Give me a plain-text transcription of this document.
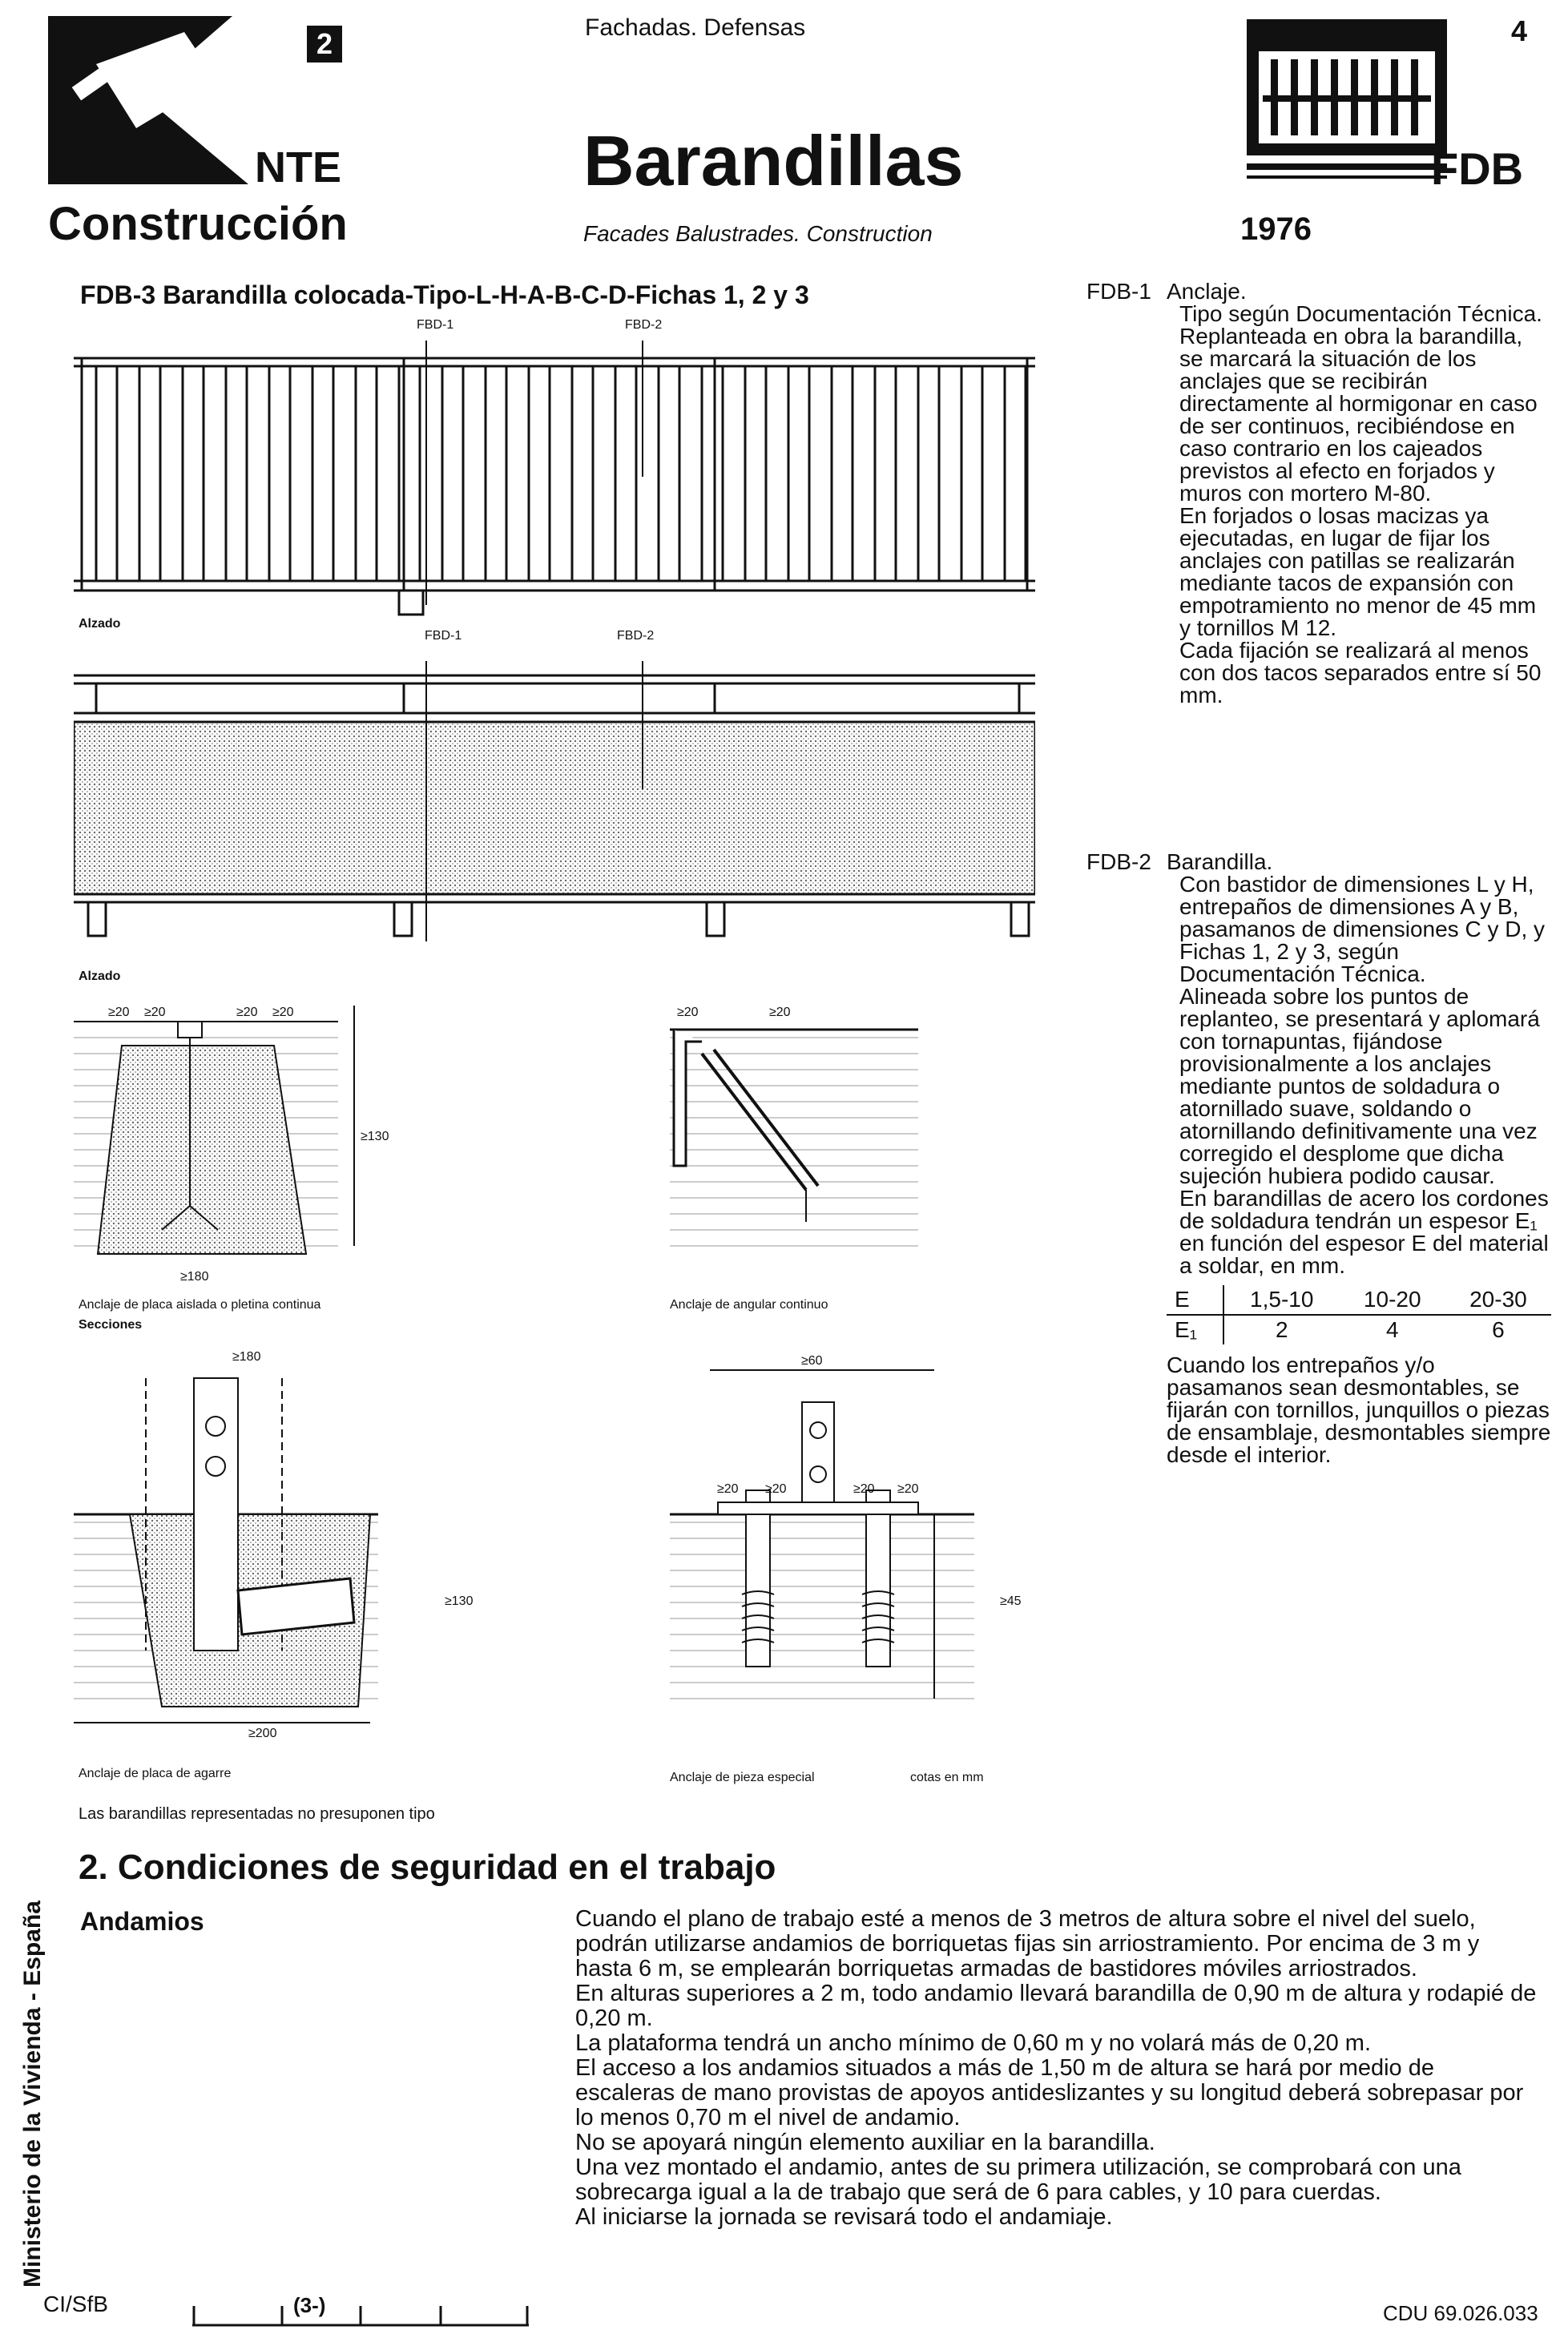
2
NTE
Construcción
Fachadas. Defensas
Barandillas
Facades Balustrades. Construction
4
FDB
1976
FDB-3 Barandilla colocada-Tipo-L-H-A-B-C-D-Fichas 1, 2 y 3
FBD-1	FBD-2
Alzado
FBD-1	FBD-2
Alzado
≥20 ≥20	≥20 ≥20
≥130
≥180
Anclaje de placa aislada o pletina continua
Secciones
≥20	≥20
Anclaje de angular continuo
≥180
≥130
≥200
Anclaje de placa de agarre
≥60
≥20 ≥20	≥20 ≥20
≥45
Anclaje de pieza especial	cotas en mm
Las barandillas representadas no presuponen tipo
FDB-1 Anclaje.

Tipo según Documentación Técnica.

Replanteada en obra la barandilla, se marcará la situación de los anclajes que se recibirán directamente al hormigonar en caso de ser continuos, recibiéndose en caso contrario en los cajeados previstos al efecto en forjados y muros con mortero M-80.

En forjados o losas macizas ya ejecutadas, en lugar de fijar los anclajes con patillas se realizarán mediante tacos de expansión con empotramiento no menor de 45 mm y tornillos M 12.

Cada fijación se realizará al menos con dos tacos separados entre sí 50 mm.

FDB-2 Barandilla.

Con bastidor de dimensiones L y H, entrepaños de dimensiones A y B, pasamanos de dimensiones C y D, y Fichas 1, 2 y 3, según Documentación Técnica.

Alineada sobre los puntos de replanteo, se presentará y aplomará con tornapuntas, fijándose provisionalmente a los anclajes mediante puntos de soldadura o atornillado suave, soldando o atornillando definitivamente una vez corregido el desplome que dicha sujeción hubiera podido causar.

En barandillas de acero los cordones de soldadura tendrán un espesor E₁ en función del espesor E del material a soldar, en mm.

E	1,5-10	10-20	20-30
E₁	2	4	6

Cuando los entrepaños y/o pasamanos sean desmontables, se fijarán con tornillos, junquillos o piezas de ensamblaje, desmontables siempre desde el interior.

2. Condiciones de seguridad en el trabajo
Andamios	Cuando el plano de trabajo esté a menos de 3 metros de altura sobre el nivel del suelo, podrán utilizarse andamios de borriquetas fijas sin arriostramiento. Por encima de 3 m y hasta 6 m, se emplearán borriquetas armadas de bastidores móviles arriostrados.

En alturas superiores a 2 m, todo andamio llevará barandilla de 0,90 m de altura y rodapié de 0,20 m.

La plataforma tendrá un ancho mínimo de 0,60 m y no volará más de 0,20 m.

El acceso a los andamios situados a más de 1,50 m de altura se hará por medio de escaleras de mano provistas de apoyos antideslizantes y su longitud deberá sobrepasar por lo menos 0,70 m el nivel de andamio.

No se apoyará ningún elemento auxiliar en la barandilla.

Una vez montado el andamio, antes de su primera utilización, se comprobará con una sobrecarga igual a la de trabajo que será de 6 para cables, y 10 para cuerdas.

Al iniciarse la jornada se revisará todo el andamiaje.

Ministerio de la Vivienda - España
CI/SfB	(3-)	CDU 69.026.033
